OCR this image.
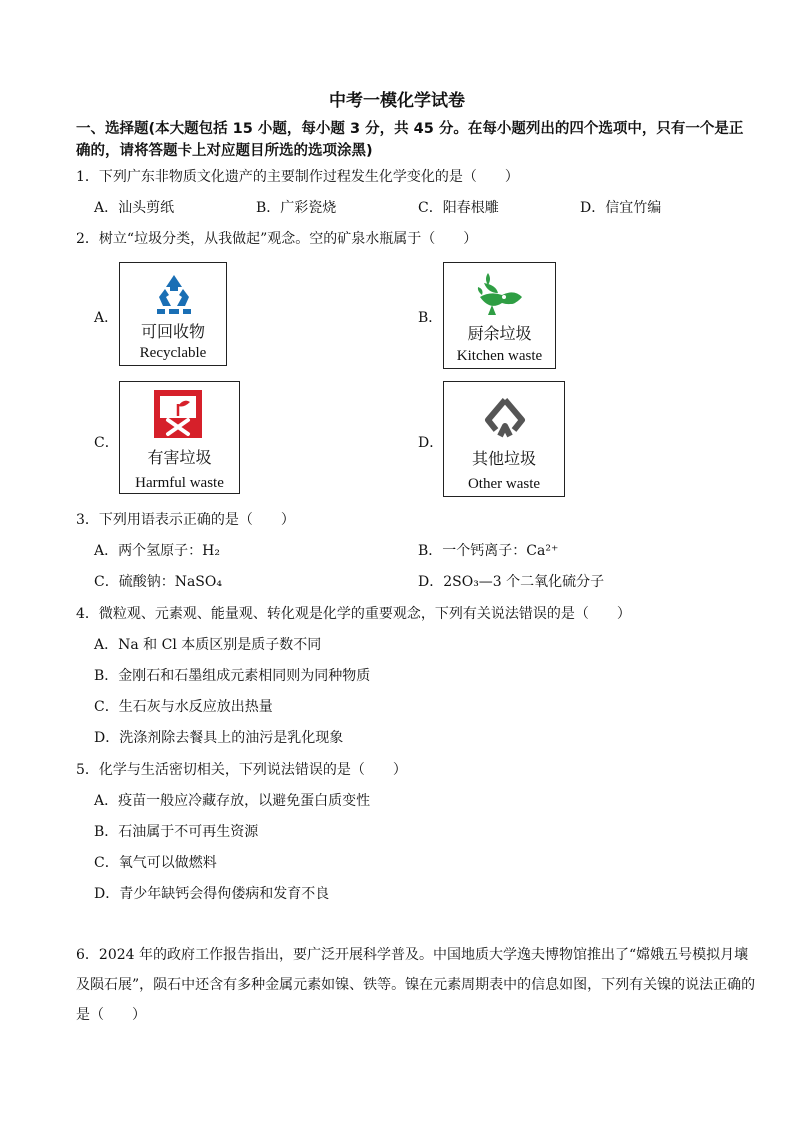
中考一模化学试卷
一、选择题(本大题包括 15 小题，每小题 3 分，共 45 分。在每小题列出的四个选项中，只有一个是正确的，请将答题卡上对应题目所选的选项涂黑)
1．下列广东非物质文化遗产的主要制作过程发生化学变化的是（　　）
A．汕头剪纸	B．广彩瓷烧	C．阳春根雕	D．信宜竹编
2．树立“垃圾分类，从我做起”观念。空的矿泉水瓶属于（　　）
A．
可回收物
Recyclable
B．
厨余垃圾
Kitchen waste
C．
有害垃圾
Harmful waste
D．
其他垃圾
Other waste
3．下列用语表示正确的是（　　）
A．两个氢原子：H₂	B．一个钙离子：Ca²⁺
C．硫酸钠：NaSO₄	D．2SO₃—3 个二氧化硫分子
4．微粒观、元素观、能量观、转化观是化学的重要观念，下列有关说法错误的是（　　）
A．Na 和 Cl 本质区别是质子数不同
B．金刚石和石墨组成元素相同则为同种物质
C．生石灰与水反应放出热量
D．洗涤剂除去餐具上的油污是乳化现象
5．化学与生活密切相关，下列说法错误的是（　　）
A．疫苗一般应冷藏存放，以避免蛋白质变性
B．石油属于不可再生资源
C．氧气可以做燃料
D．青少年缺钙会得佝偻病和发育不良
6．2024 年的政府工作报告指出，要广泛开展科学普及。中国地质大学逸夫博物馆推出了“嫦娥五号模拟月壤及陨石展”，陨石中还含有多种金属元素如镍、铁等。镍在元素周期表中的信息如图，下列有关镍的说法正确的是（　　）
